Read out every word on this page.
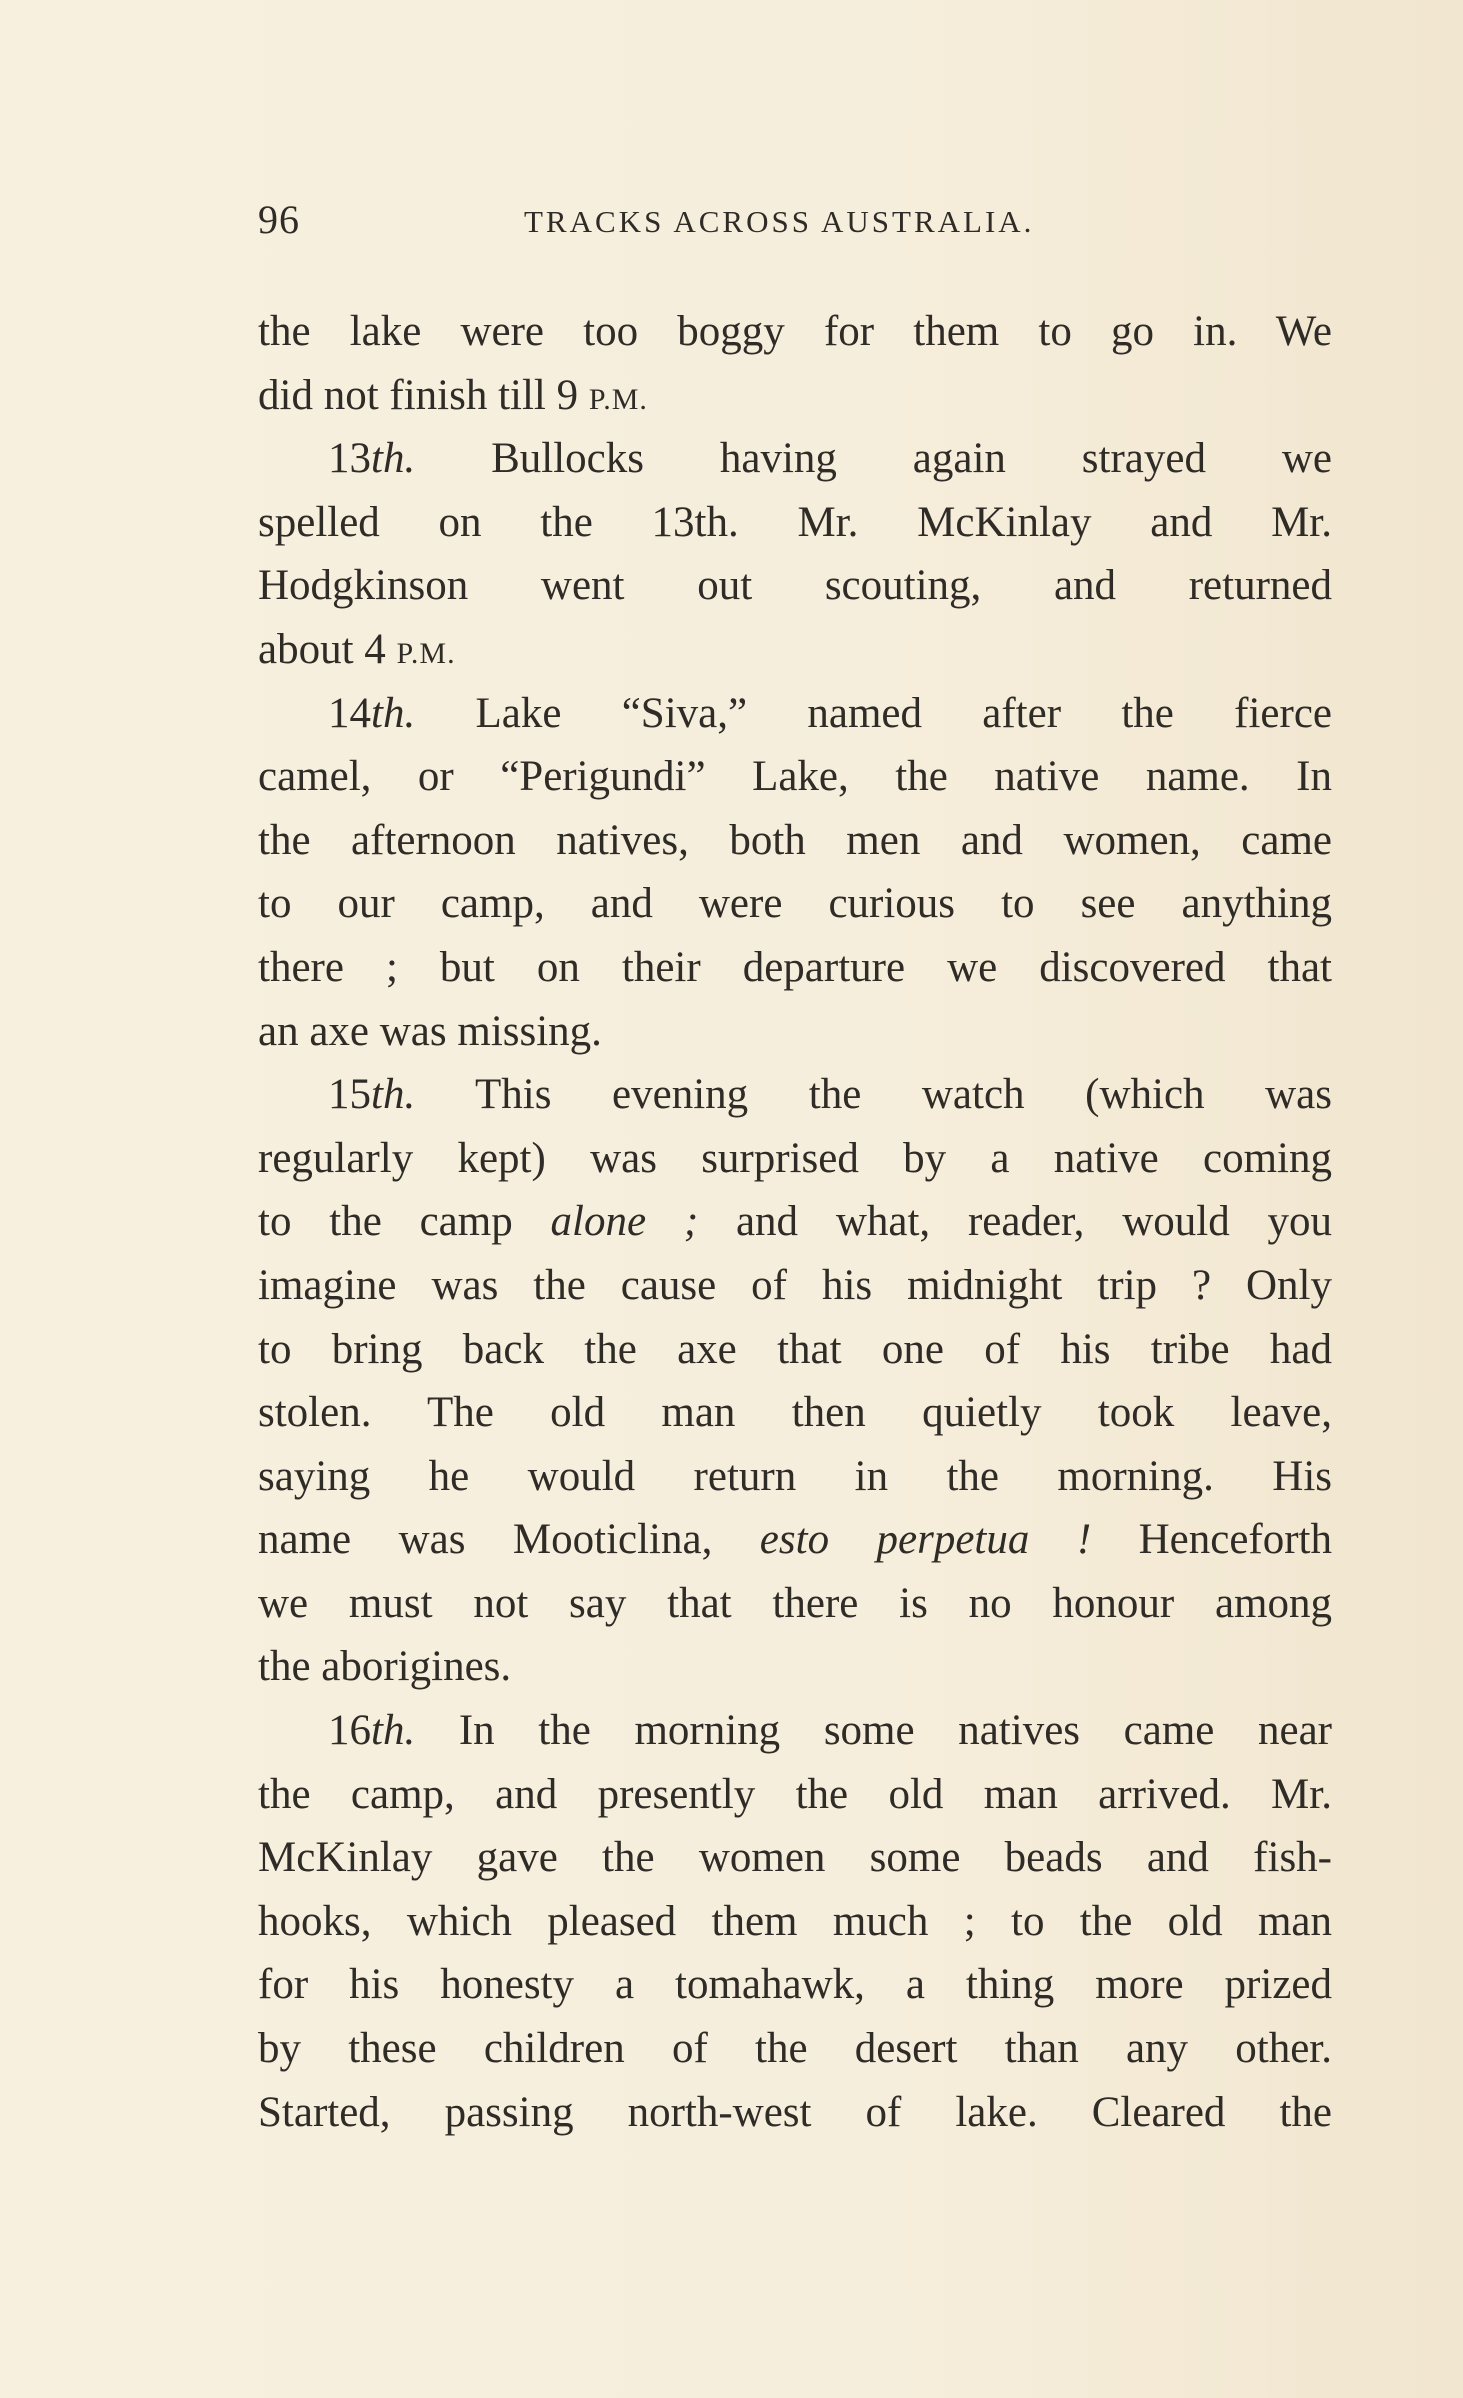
96	TRACKS ACROSS AUSTRALIA.
the lake were too boggy for them to go in. We
did not finish till 9 P.M.
13th. Bullocks having again strayed we
spelled on the 13th. Mr. McKinlay and Mr.
Hodgkinson went out scouting, and returned
about 4 P.M.
14th. Lake “Siva,” named after the fierce
camel, or “Perigundi” Lake, the native name. In
the afternoon natives, both men and women, came
to our camp, and were curious to see anything
there ; but on their departure we discovered that
an axe was missing.
15th. This evening the watch (which was
regularly kept) was surprised by a native coming
to the camp alone ; and what, reader, would you
imagine was the cause of his midnight trip ? Only
to bring back the axe that one of his tribe had
stolen. The old man then quietly took leave,
saying he would return in the morning. His
name was Mooticlina, esto perpetua ! Henceforth
we must not say that there is no honour among
the aborigines.
16th. In the morning some natives came near
the camp, and presently the old man arrived. Mr.
McKinlay gave the women some beads and fish-
hooks, which pleased them much ; to the old man
for his honesty a tomahawk, a thing more prized
by these children of the desert than any other.
Started, passing north-west of lake. Cleared the
